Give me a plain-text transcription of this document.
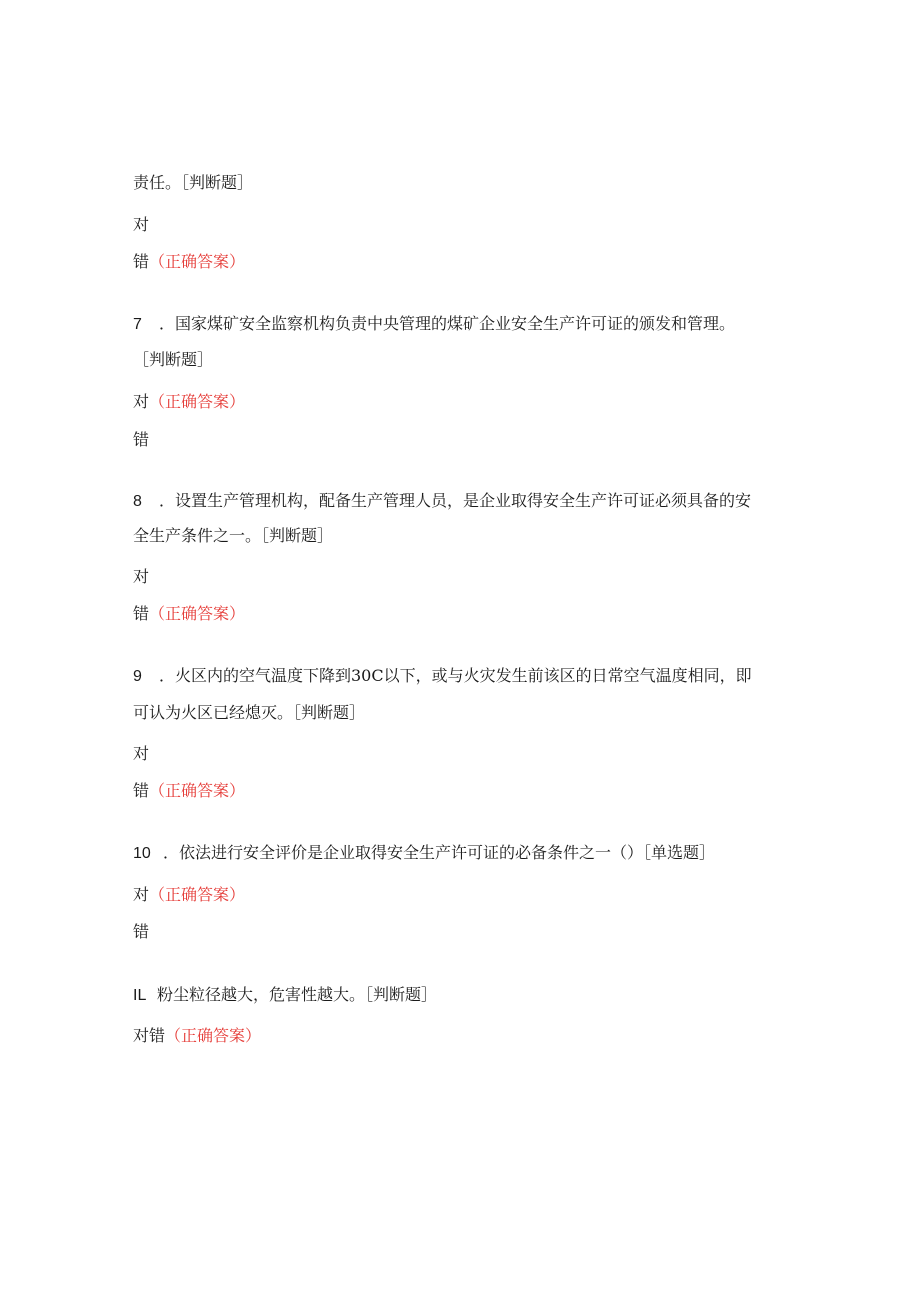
责任。［判断题］
对
错（正确答案）
7 ．国家煤矿安全监察机构负责中央管理的煤矿企业安全生产许可证的颁发和管理。
［判断题］
对（正确答案）
错
8 ．设置生产管理机构，配备生产管理人员，是企业取得安全生产许可证必须具备的安
全生产条件之一。［判断题］
对
错（正确答案）
9 ．火区内的空气温度下降到30C以下，或与火灾发生前该区的日常空气温度相同，即
可认为火区已经熄灭。［判断题］
对
错（正确答案）
10 ．依法进行安全评价是企业取得安全生产许可证的必备条件之一（）［单选题］
对（正确答案）
错
IL 粉尘粒径越大，危害性越大。［判断题］
对错（正确答案）
